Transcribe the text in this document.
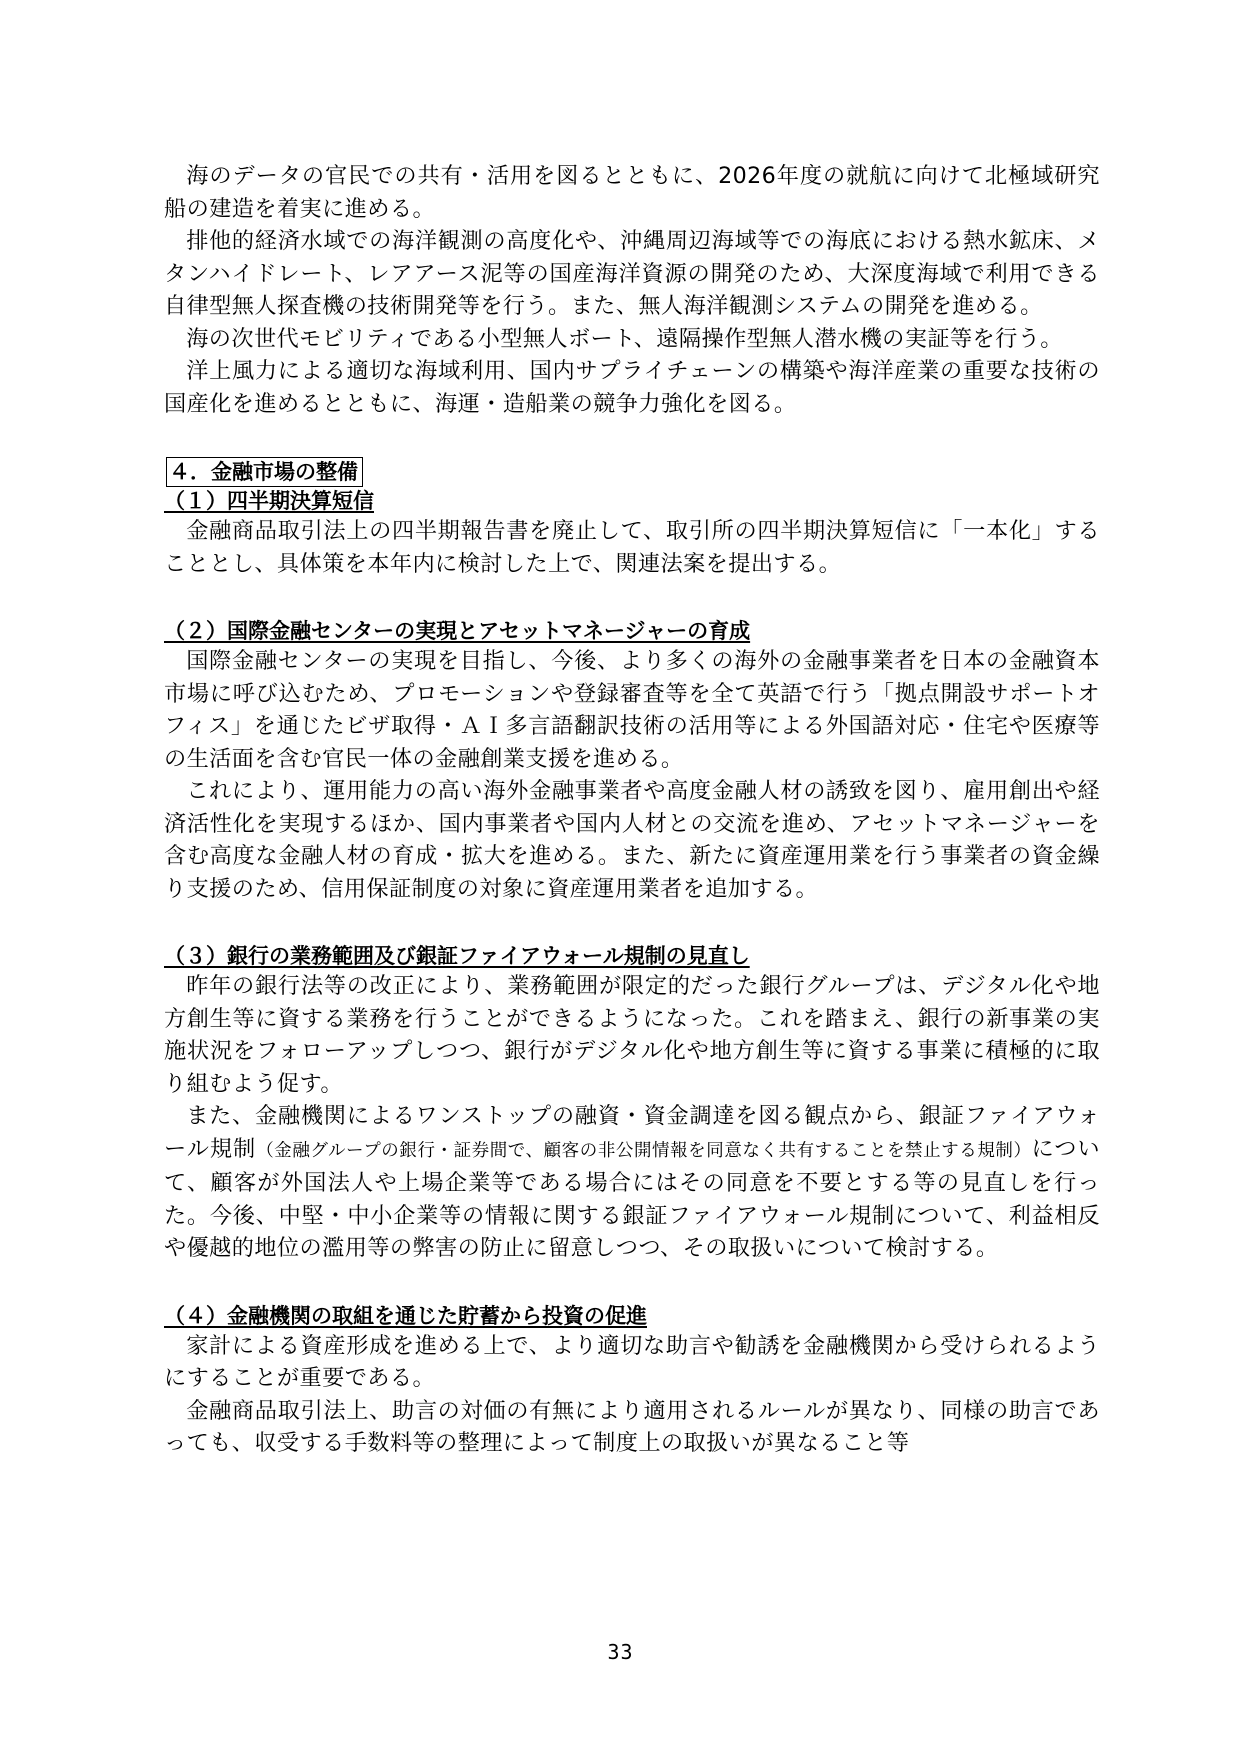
海のデータの官民での共有・活用を図るとともに、2026年度の就航に向けて北極域研究船の建造を着実に進める。

排他的経済水域での海洋観測の高度化や、沖縄周辺海域等での海底における熱水鉱床、メタンハイドレート、レアアース泥等の国産海洋資源の開発のため、大深度海域で利用できる自律型無人探査機の技術開発等を行う。また、無人海洋観測システムの開発を進める。

海の次世代モビリティである小型無人ボート、遠隔操作型無人潜水機の実証等を行う。

洋上風力による適切な海域利用、国内サプライチェーンの構築や海洋産業の重要な技術の国産化を進めるとともに、海運・造船業の競争力強化を図る。

４．金融市場の整備

（１）四半期決算短信

金融商品取引法上の四半期報告書を廃止して、取引所の四半期決算短信に「一本化」することとし、具体策を本年内に検討した上で、関連法案を提出する。

（２）国際金融センターの実現とアセットマネージャーの育成

国際金融センターの実現を目指し、今後、より多くの海外の金融事業者を日本の金融資本市場に呼び込むため、プロモーションや登録審査等を全て英語で行う「拠点開設サポートオフィス」を通じたビザ取得・ＡＩ多言語翻訳技術の活用等による外国語対応・住宅や医療等の生活面を含む官民一体の金融創業支援を進める。

これにより、運用能力の高い海外金融事業者や高度金融人材の誘致を図り、雇用創出や経済活性化を実現するほか、国内事業者や国内人材との交流を進め、アセットマネージャーを含む高度な金融人材の育成・拡大を進める。また、新たに資産運用業を行う事業者の資金繰り支援のため、信用保証制度の対象に資産運用業者を追加する。

（３）銀行の業務範囲及び銀証ファイアウォール規制の見直し

昨年の銀行法等の改正により、業務範囲が限定的だった銀行グループは、デジタル化や地方創生等に資する業務を行うことができるようになった。これを踏まえ、銀行の新事業の実施状況をフォローアップしつつ、銀行がデジタル化や地方創生等に資する事業に積極的に取り組むよう促す。

また、金融機関によるワンストップの融資・資金調達を図る観点から、銀証ファイアウォール規制（金融グループの銀行・証券間で、顧客の非公開情報を同意なく共有することを禁止する規制）について、顧客が外国法人や上場企業等である場合にはその同意を不要とする等の見直しを行った。今後、中堅・中小企業等の情報に関する銀証ファイアウォール規制について、利益相反や優越的地位の濫用等の弊害の防止に留意しつつ、その取扱いについて検討する。

（４）金融機関の取組を通じた貯蓄から投資の促進

家計による資産形成を進める上で、より適切な助言や勧誘を金融機関から受けられるようにすることが重要である。

金融商品取引法上、助言の対価の有無により適用されるルールが異なり、同様の助言であっても、収受する手数料等の整理によって制度上の取扱いが異なること等

33
